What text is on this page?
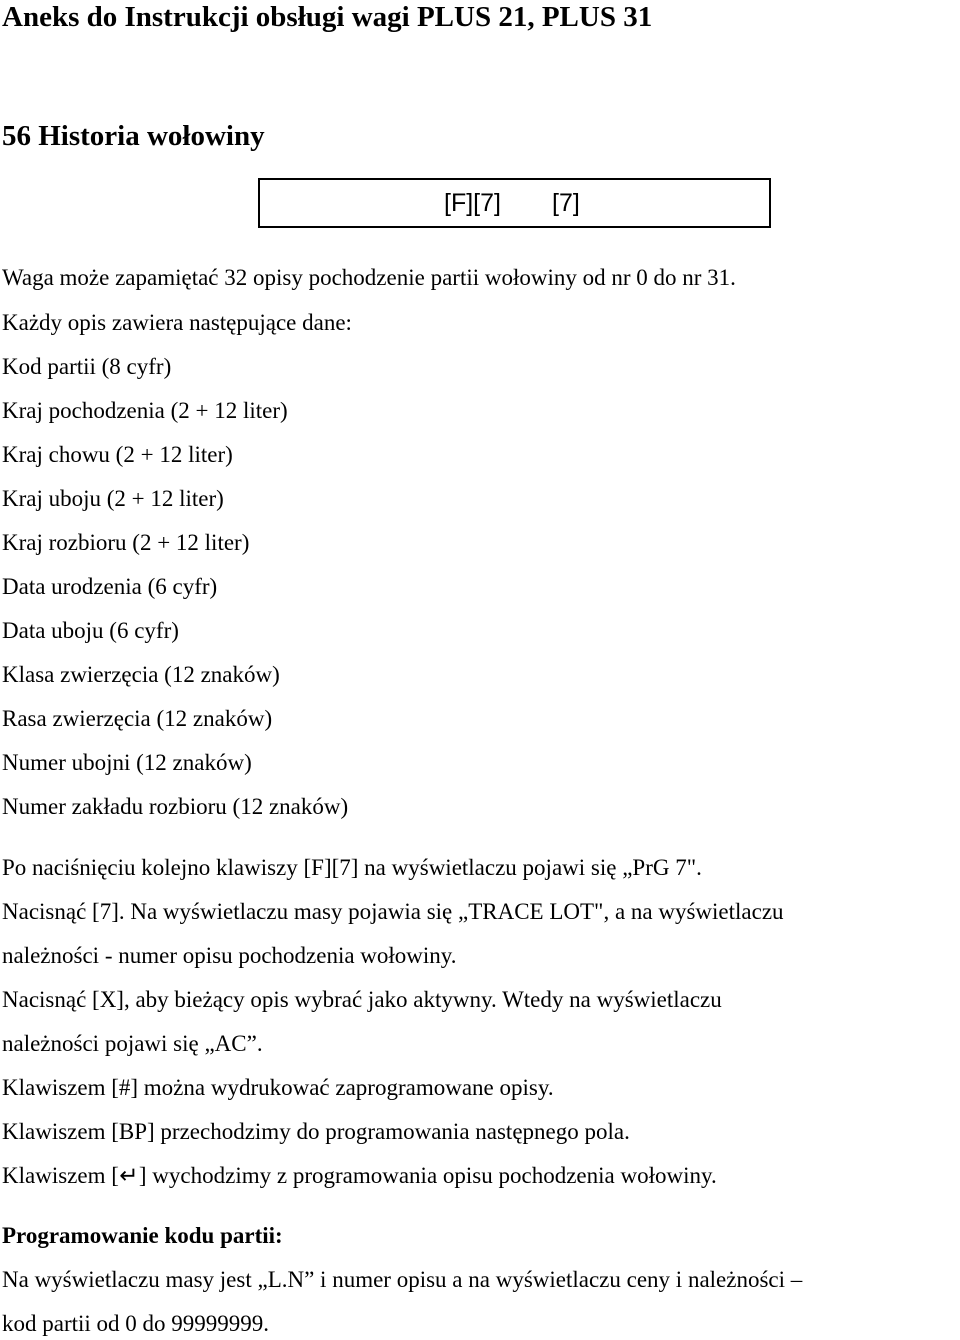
Aneks do Instrukcji obsługi wagi PLUS 21, PLUS 31
56 Historia wołowiny
[F][7] [7]
Waga może zapamiętać 32 opisy pochodzenie partii wołowiny od nr 0 do nr 31.
Każdy opis zawiera następujące dane:
Kod partii (8 cyfr)
Kraj pochodzenia (2 + 12 liter)
Kraj chowu (2 + 12 liter)
Kraj uboju (2 + 12 liter)
Kraj rozbioru (2 + 12 liter)
Data urodzenia (6 cyfr)
Data uboju (6 cyfr)
Klasa zwierzęcia (12 znaków)
Rasa zwierzęcia (12 znaków)
Numer ubojni (12 znaków)
Numer zakładu rozbioru (12 znaków)
Po naciśnięciu kolejno klawiszy [F][7] na wyświetlaczu pojawi się „PrG 7".
Nacisnąć [7]. Na wyświetlaczu masy pojawia się „TRACE LOT", a na wyświetlaczu
należności - numer opisu pochodzenia wołowiny.
Nacisnąć [X], aby bieżący opis wybrać jako aktywny. Wtedy na wyświetlaczu
należności pojawi się „AC”.
Klawiszem [#] można wydrukować zaprogramowane opisy.
Klawiszem [BP] przechodzimy do programowania następnego pola.
Klawiszem [↵] wychodzimy z programowania opisu pochodzenia wołowiny.
Programowanie kodu partii:
Na wyświetlaczu masy jest „L.N” i numer opisu a na wyświetlaczu ceny i należności –
kod partii od 0 do 99999999.
